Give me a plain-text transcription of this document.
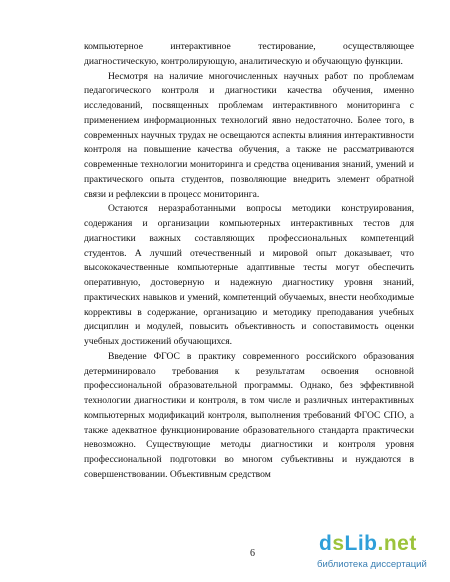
компьютерное интерактивное тестирование, осуществляющее
диагностическую, контролирующую, аналитическую и обучающую функции.
Несмотря на наличие многочисленных научных работ по проблемам
педагогического контроля и диагностики качества обучения, именно
исследований, посвященных проблемам интерактивного мониторинга с
применением информационных технологий явно недостаточно. Более того, в
современных научных трудах не освещаются аспекты влияния интерактивности
контроля на повышение качества обучения, а также не рассматриваются
современные технологии мониторинга и средства оценивания знаний, умений и
практического опыта студентов, позволяющие внедрить элемент обратной
связи и рефлексии в процесс мониторинга.
Остаются неразработанными вопросы методики конструирования,
содержания и организации компьютерных интерактивных тестов для
диагностики важных составляющих профессиональных компетенций
студентов. А лучший отечественный и мировой опыт доказывает, что
высококачественные компьютерные адаптивные тесты могут обеспечить
оперативную, достоверную и надежную диагностику уровня знаний,
практических навыков и умений, компетенций обучаемых, внести необходимые
коррективы в содержание, организацию и методику преподавания учебных
дисциплин и модулей, повысить объективность и сопоставимость оценки
учебных достижений обучающихся.
Введение ФГОС в практику современного российского образования
детерминировало требования к результатам освоения основной
профессиональной образовательной программы. Однако, без эффективной
технологии диагностики и контроля, в том числе и различных интерактивных
компьютерных модификаций контроля, выполнения требований ФГОС СПО, а
также адекватное функционирование образовательного стандарта практически
невозможно. Существующие методы диагностики и контроля уровня
профессиональной подготовки во многом субъективны и нуждаются в
совершенствовании. Объективным средством
6	dsLib.net
библиотека диссертаций
